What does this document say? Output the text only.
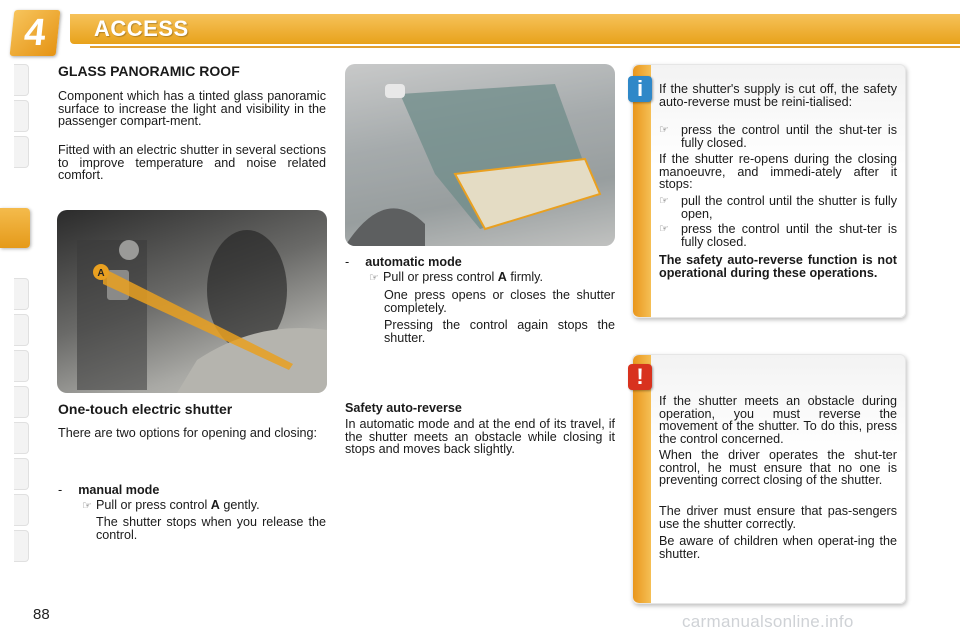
4	ACCESS
GLASS PANORAMIC ROOF

Component which has a tinted glass panoramic surface to increase the light and visibility in the passenger compart-ment.

Fitted with an electric shutter in several sections to improve temperature and noise related comfort.

A
One-touch electric shutter

There are two options for opening and closing:

- manual mode
☞ Pull or press control A gently.

The shutter stops when you release the control.

- automatic mode
☞ Pull or press control A firmly.

One press opens or closes the shutter completely.

Pressing the control again stops the shutter.

Safety auto-reverse

In automatic mode and at the end of its travel, if the shutter meets an obstacle while closing it stops and moves back slightly.

If the shutter's supply is cut off, the safety auto-reverse must be reini-tialised:

☞ press the control until the shut-ter is fully closed.

If the shutter re-opens during the closing manoeuvre, and immedi-ately after it stops:

☞ pull the control until the shutter is fully open,

☞ press the control until the shut-ter is fully closed.

The safety auto-reverse function is not operational during these operations.

i

If the shutter meets an obstacle during operation, you must reverse the movement of the shutter. To do this, press the control concerned.

When the driver operates the shut-ter control, he must ensure that no one is preventing correct closing of the shutter.

The driver must ensure that pas-sengers use the shutter correctly.

Be aware of children when operat-ing the shutter.

!
88	carmanualsonline.info
